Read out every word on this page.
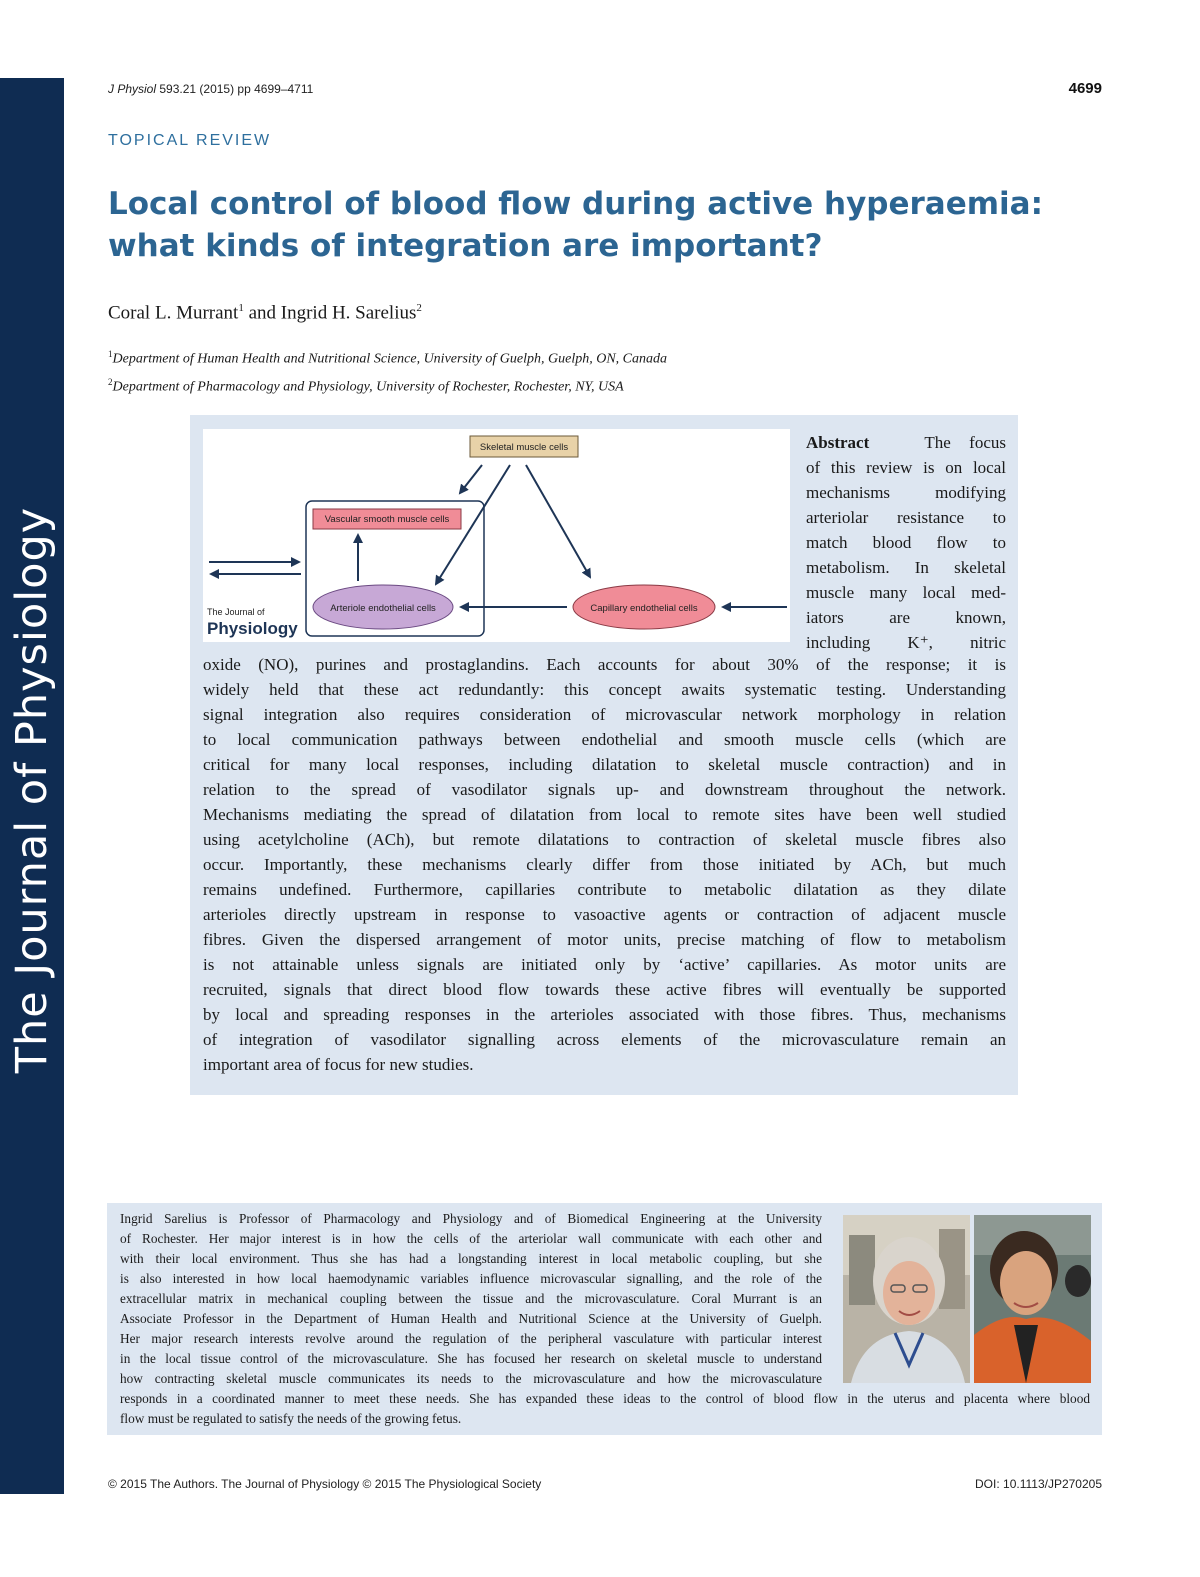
The Journal of Physiology
J Physiol 593.21 (2015) pp 4699–4711	4699
TOPICAL REVIEW
Local control of blood flow during active hyperaemia: what kinds of integration are important?
Coral L. Murrant$^1$ and Ingrid H. Sarelius$^2$
$^1$Department of Human Health and Nutritional Science, University of Guelph, Guelph, ON, Canada
$^2$Department of Pharmacology and Physiology, University of Rochester, Rochester, NY, USA
Skeletal muscle cells
Vascular smooth muscle cells
Arteriole endothelial cells	Capillary endothelial cells
The Journal of
Physiology
Abstract	The focus
of this review is on local
mechanisms modifying
arteriolar resistance to
match blood flow to
metabolism. In skeletal
muscle many local med-
iators are known,
including K⁺, nitric
oxide (NO), purines and prostaglandins. Each accounts for about 30% of the response; it is
widely held that these act redundantly: this concept awaits systematic testing. Understanding
signal integration also requires consideration of microvascular network morphology in relation
to local communication pathways between endothelial and smooth muscle cells (which are
critical for many local responses, including dilatation to skeletal muscle contraction) and in
relation to the spread of vasodilator signals up- and downstream throughout the network.
Mechanisms mediating the spread of dilatation from local to remote sites have been well studied
using acetylcholine (ACh), but remote dilatations to contraction of skeletal muscle fibres also
occur. Importantly, these mechanisms clearly differ from those initiated by ACh, but much
remains undefined. Furthermore, capillaries contribute to metabolic dilatation as they dilate
arterioles directly upstream in response to vasoactive agents or contraction of adjacent muscle
fibres. Given the dispersed arrangement of motor units, precise matching of flow to metabolism
is not attainable unless signals are initiated only by ‘active’ capillaries. As motor units are
recruited, signals that direct blood flow towards these active fibres will eventually be supported
by local and spreading responses in the arterioles associated with those fibres. Thus, mechanisms
of integration of vasodilator signalling across elements of the microvasculature remain an
important area of focus for new studies.
Ingrid Sarelius is Professor of Pharmacology and Physiology and of Biomedical Engineering at the University
of Rochester. Her major interest is in how the cells of the arteriolar wall communicate with each other and
with their local environment. Thus she has had a longstanding interest in local metabolic coupling, but she
is also interested in how local haemodynamic variables influence microvascular signalling, and the role of the
extracellular matrix in mechanical coupling between the tissue and the microvasculature. Coral Murrant is an
Associate Professor in the Department of Human Health and Nutritional Science at the University of Guelph.
Her major research interests revolve around the regulation of the peripheral vasculature with particular interest
in the local tissue control of the microvasculature. She has focused her research on skeletal muscle to understand
how contracting skeletal muscle communicates its needs to the microvasculature and how the microvasculature
responds in a coordinated manner to meet these needs. She has expanded these ideas to the control of blood flow in the uterus and placenta where blood
flow must be regulated to satisfy the needs of the growing fetus.
© 2015 The Authors. The Journal of Physiology © 2015 The Physiological Society	DOI: 10.1113/JP270205
